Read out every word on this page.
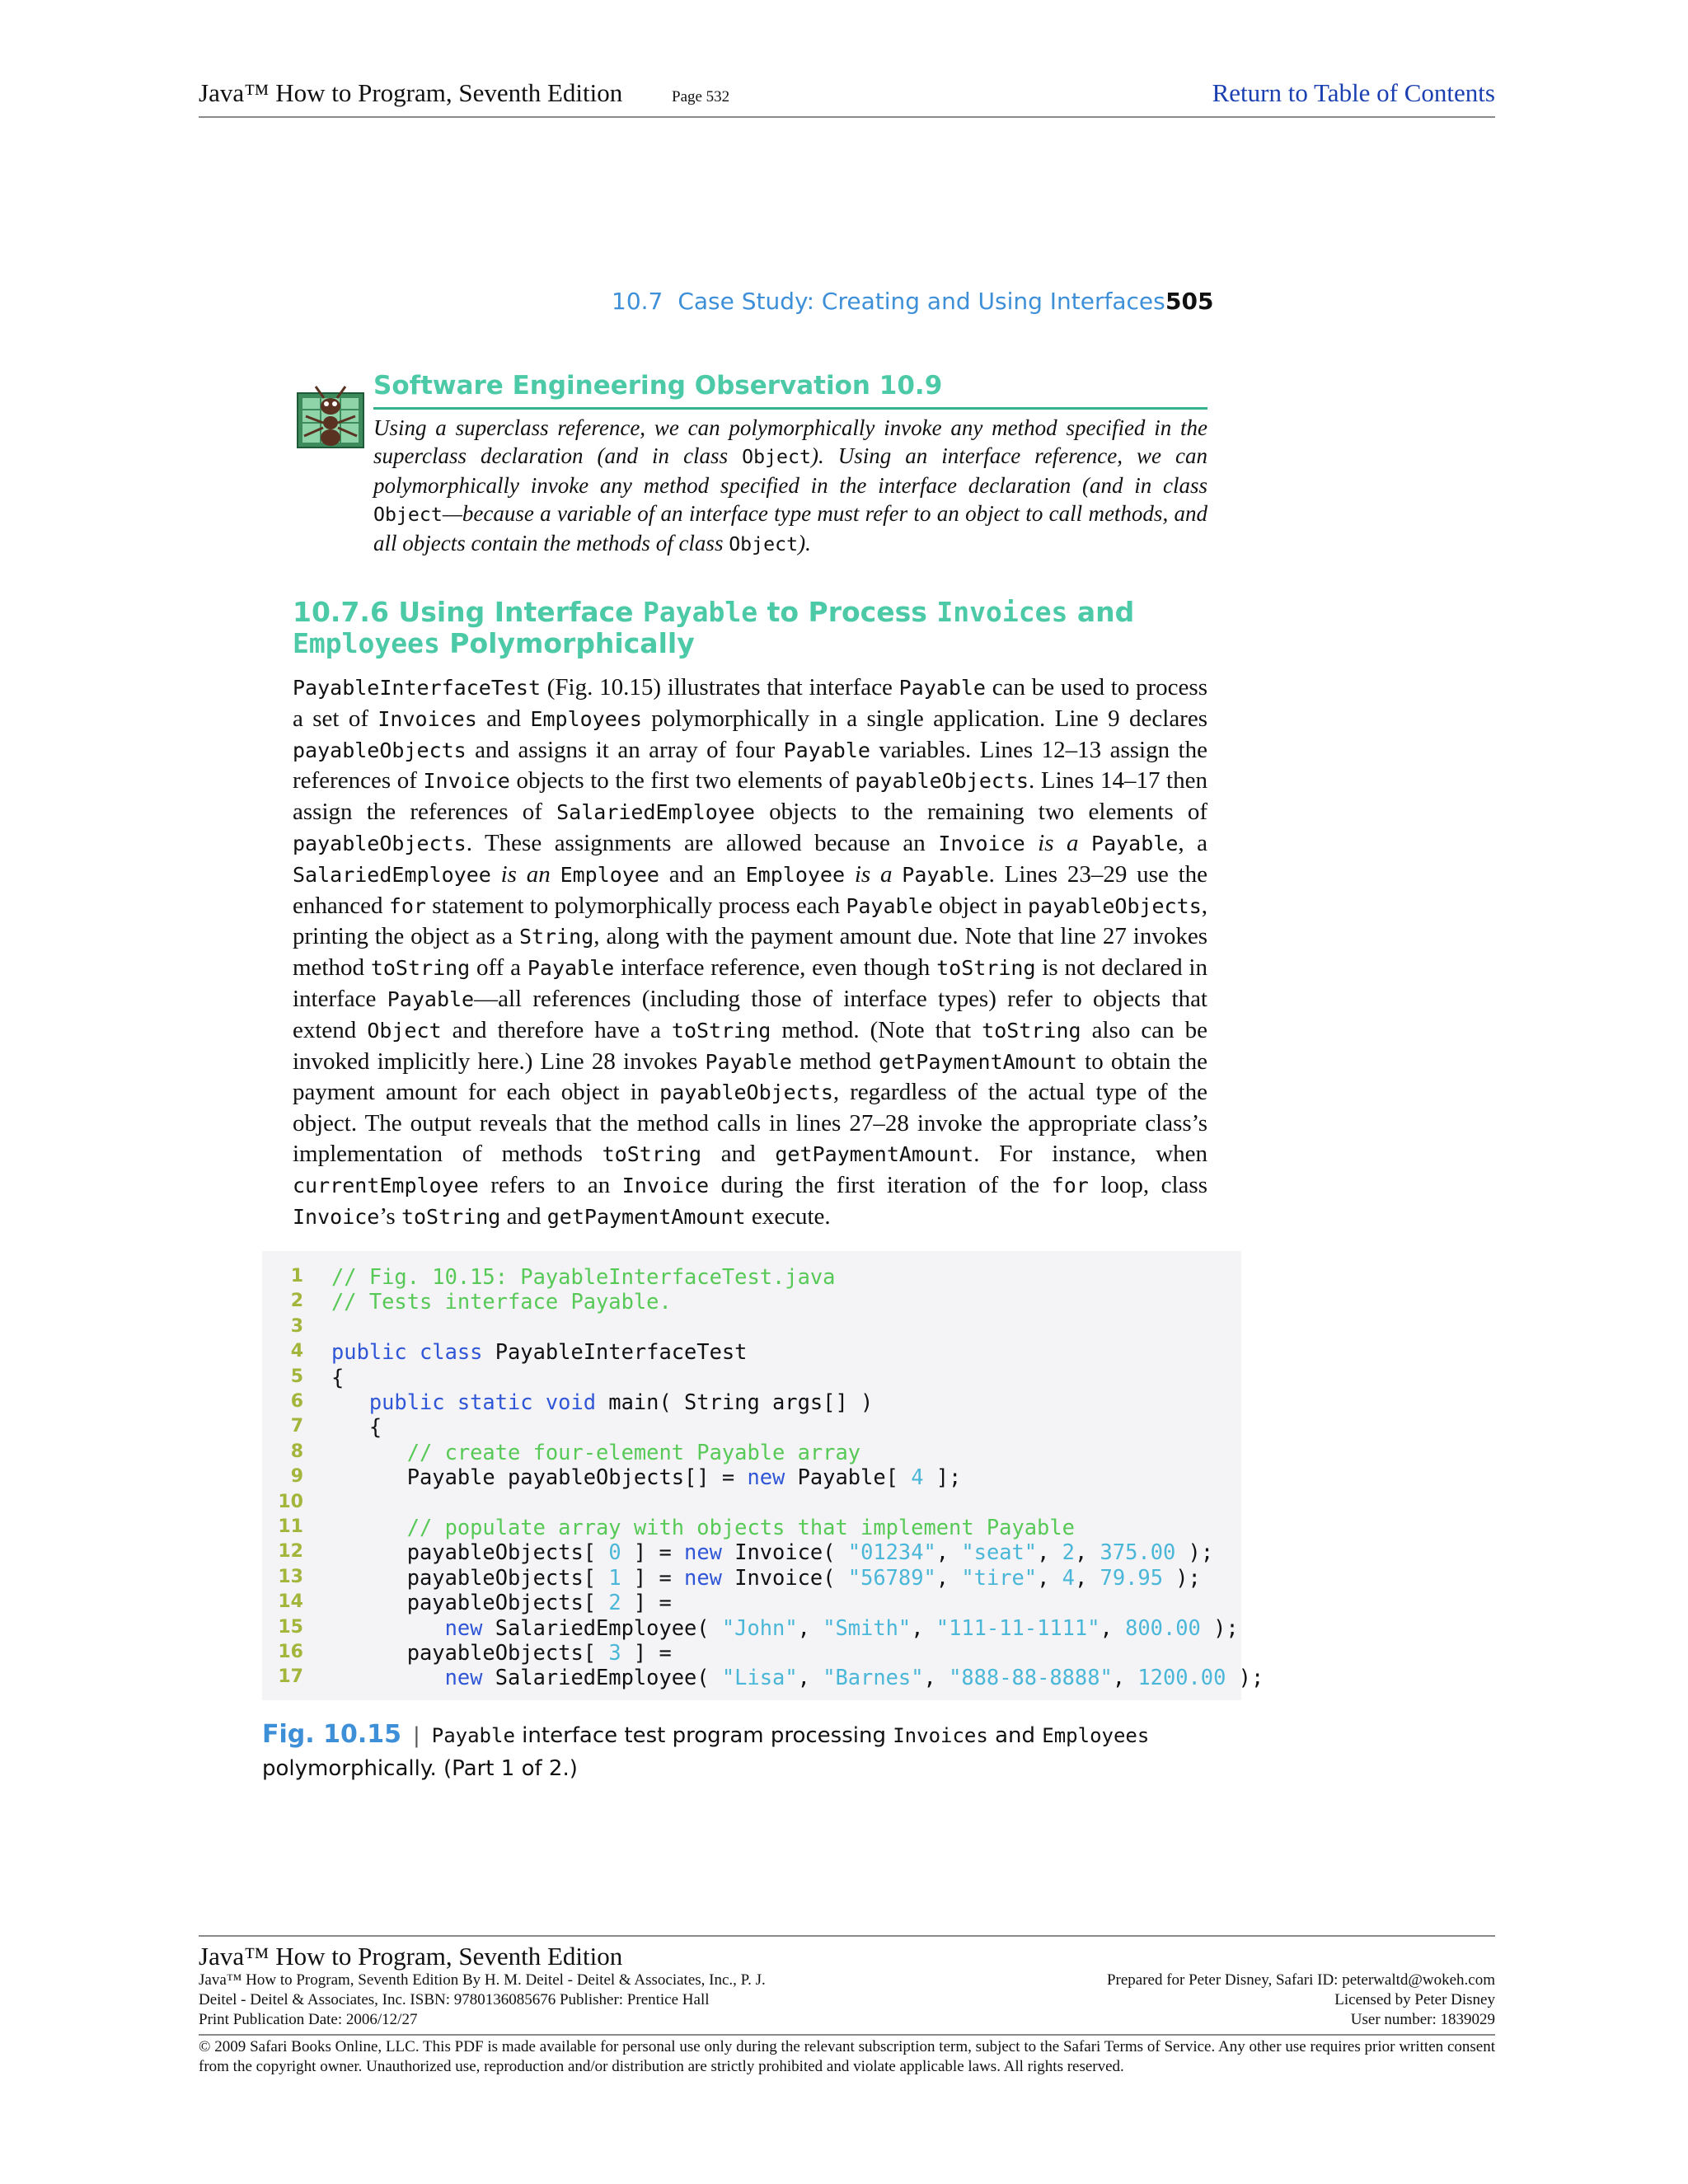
Java™ How to Program, Seventh Edition	Page 532	Return to Table of Contents
10.7 Case Study: Creating and Using Interfaces 505
Software Engineering Observation 10.9
Using a superclass reference, we can polymorphically invoke any method specified in the superclass declaration (and in class Object). Using an interface reference, we can polymorphically invoke any method specified in the interface declaration (and in class Object—because a variable of an interface type must refer to an object to call methods, and all objects contain the methods of class Object).
10.7.6 Using Interface Payable to Process Invoices and Employees Polymorphically
PayableInterfaceTest (Fig. 10.15) illustrates that interface Payable can be used to process a set of Invoices and Employees polymorphically in a single application. Line 9 declares payableObjects and assigns it an array of four Payable variables. Lines 12–13 assign the references of Invoice objects to the first two elements of payableObjects. Lines 14–17 then assign the references of SalariedEmployee objects to the remaining two elements of payableObjects. These assignments are allowed because an Invoice is a Payable, a SalariedEmployee is an Employee and an Employee is a Payable. Lines 23–29 use the enhanced for statement to polymorphically process each Payable object in payableObjects, printing the object as a String, along with the payment amount due. Note that line 27 invokes method toString off a Payable interface reference, even though toString is not declared in interface Payable—all references (including those of interface types) refer to objects that extend Object and therefore have a toString method. (Note that toString also can be invoked implicitly here.) Line 28 invokes Payable method getPaymentAmount to obtain the payment amount for each object in payableObjects, regardless of the actual type of the object. The output reveals that the method calls in lines 27–28 invoke the appropriate class’s implementation of methods toString and getPaymentAmount. For instance, when currentEmployee refers to an Invoice during the first iteration of the for loop, class Invoice’s toString and getPaymentAmount execute.
1 // Fig. 10.15: PayableInterfaceTest.java
2 // Tests interface Payable.
3
4 public class PayableInterfaceTest
5 {
6	public static void main( String args[] )
7 {
8	// create four-element Payable array
9 Payable payableObjects[] = new Payable[ 4 ];
10
11	// populate array with objects that implement Payable
12 payableObjects[ 0 ] = new Invoice( "01234", "seat", 2, 375.00 );
13 payableObjects[ 1 ] = new Invoice( "56789", "tire", 4, 79.95 );
14 payableObjects[ 2 ] =
15	new SalariedEmployee( "John", "Smith", "111-11-1111", 800.00 );
16 payableObjects[ 3 ] =
17	new SalariedEmployee( "Lisa", "Barnes", "888-88-8888", 1200.00 );
Fig. 10.15 | Payable interface test program processing Invoices and Employees polymorphically. (Part 1 of 2.)
Java™ How to Program, Seventh Edition
Java™ How to Program, Seventh Edition By H. M. Deitel - Deitel & Associates, Inc., P. J.	Prepared for Peter Disney, Safari ID: peterwaltd@wokeh.com
Deitel - Deitel & Associates, Inc. ISBN: 9780136085676 Publisher: Prentice Hall	Licensed by Peter Disney
Print Publication Date: 2006/12/27	User number: 1839029
© 2009 Safari Books Online, LLC. This PDF is made available for personal use only during the relevant subscription term, subject to the Safari Terms of Service. Any other use requires prior written consent from the copyright owner. Unauthorized use, reproduction and/or distribution are strictly prohibited and violate applicable laws. All rights reserved.
